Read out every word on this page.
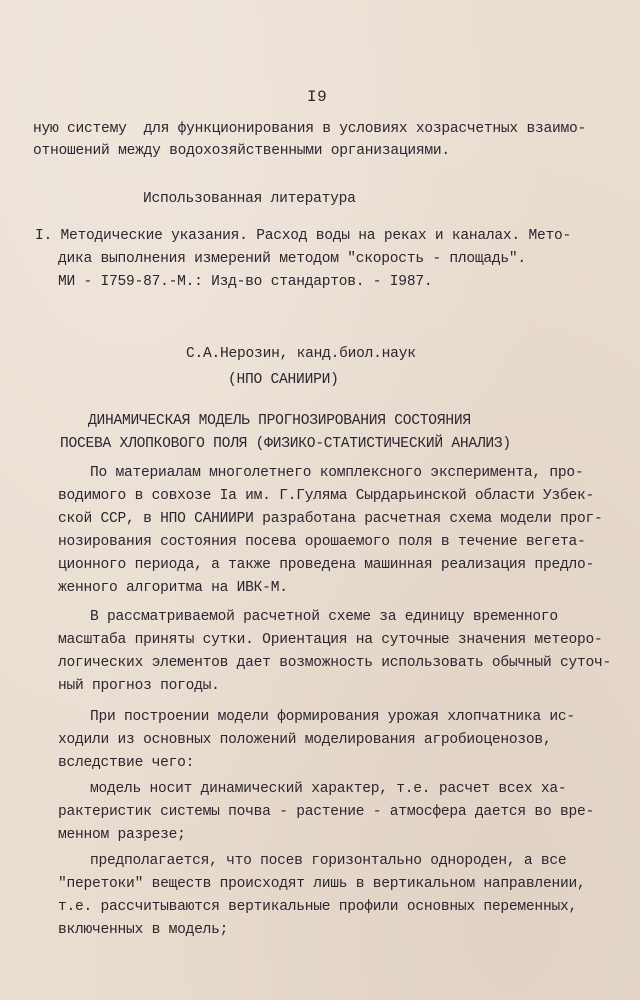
I9
ную систему  для функционирования в условиях хозрасчетных взаимо-
отношений между водохозяйственными организациями.
Использованная литература
I. Методические указания. Расход воды на реках и каналах. Мето-
дика выполнения измерений методом "скорость - площадь".
МИ - I759-87.-М.: Изд-во стандартов. - I987.
С.А.Нерозин, канд.биол.наук
(НПО САНИИРИ)
ДИНАМИЧЕСКАЯ МОДЕЛЬ ПРОГНОЗИРОВАНИЯ СОСТОЯНИЯ
ПОСЕВА ХЛОПКОВОГО ПОЛЯ (ФИЗИКО-СТАТИСТИЧЕСКИЙ АНАЛИЗ)
По материалам многолетнего комплексного эксперимента, про-
водимого в совхозе Iа им. Г.Гуляма Сырдарьинской области Узбек-
ской ССР, в НПО САНИИРИ разработана расчетная схема модели прог-
нозирования состояния посева орошаемого поля в течение вегета-
ционного периода, а также проведена машинная реализация предло-
женного алгоритма на ИВК-М.
В рассматриваемой расчетной схеме за единицу временного
масштаба приняты сутки. Ориентация на суточные значения метеоро-
логических элементов дает возможность использовать обычный суточ-
ный прогноз погоды.
При построении модели формирования урожая хлопчатника ис-
ходили из основных положений моделирования агробиоценозов,
вследствие чего:
модель носит динамический характер, т.е. расчет всех ха-
рактеристик системы почва - растение - атмосфера дается во вре-
менном разрезе;
предполагается, что посев горизонтально однороден, а все
"перетоки" веществ происходят лишь в вертикальном направлении,
т.е. рассчитываются вертикальные профили основных переменных,
включенных в модель;
